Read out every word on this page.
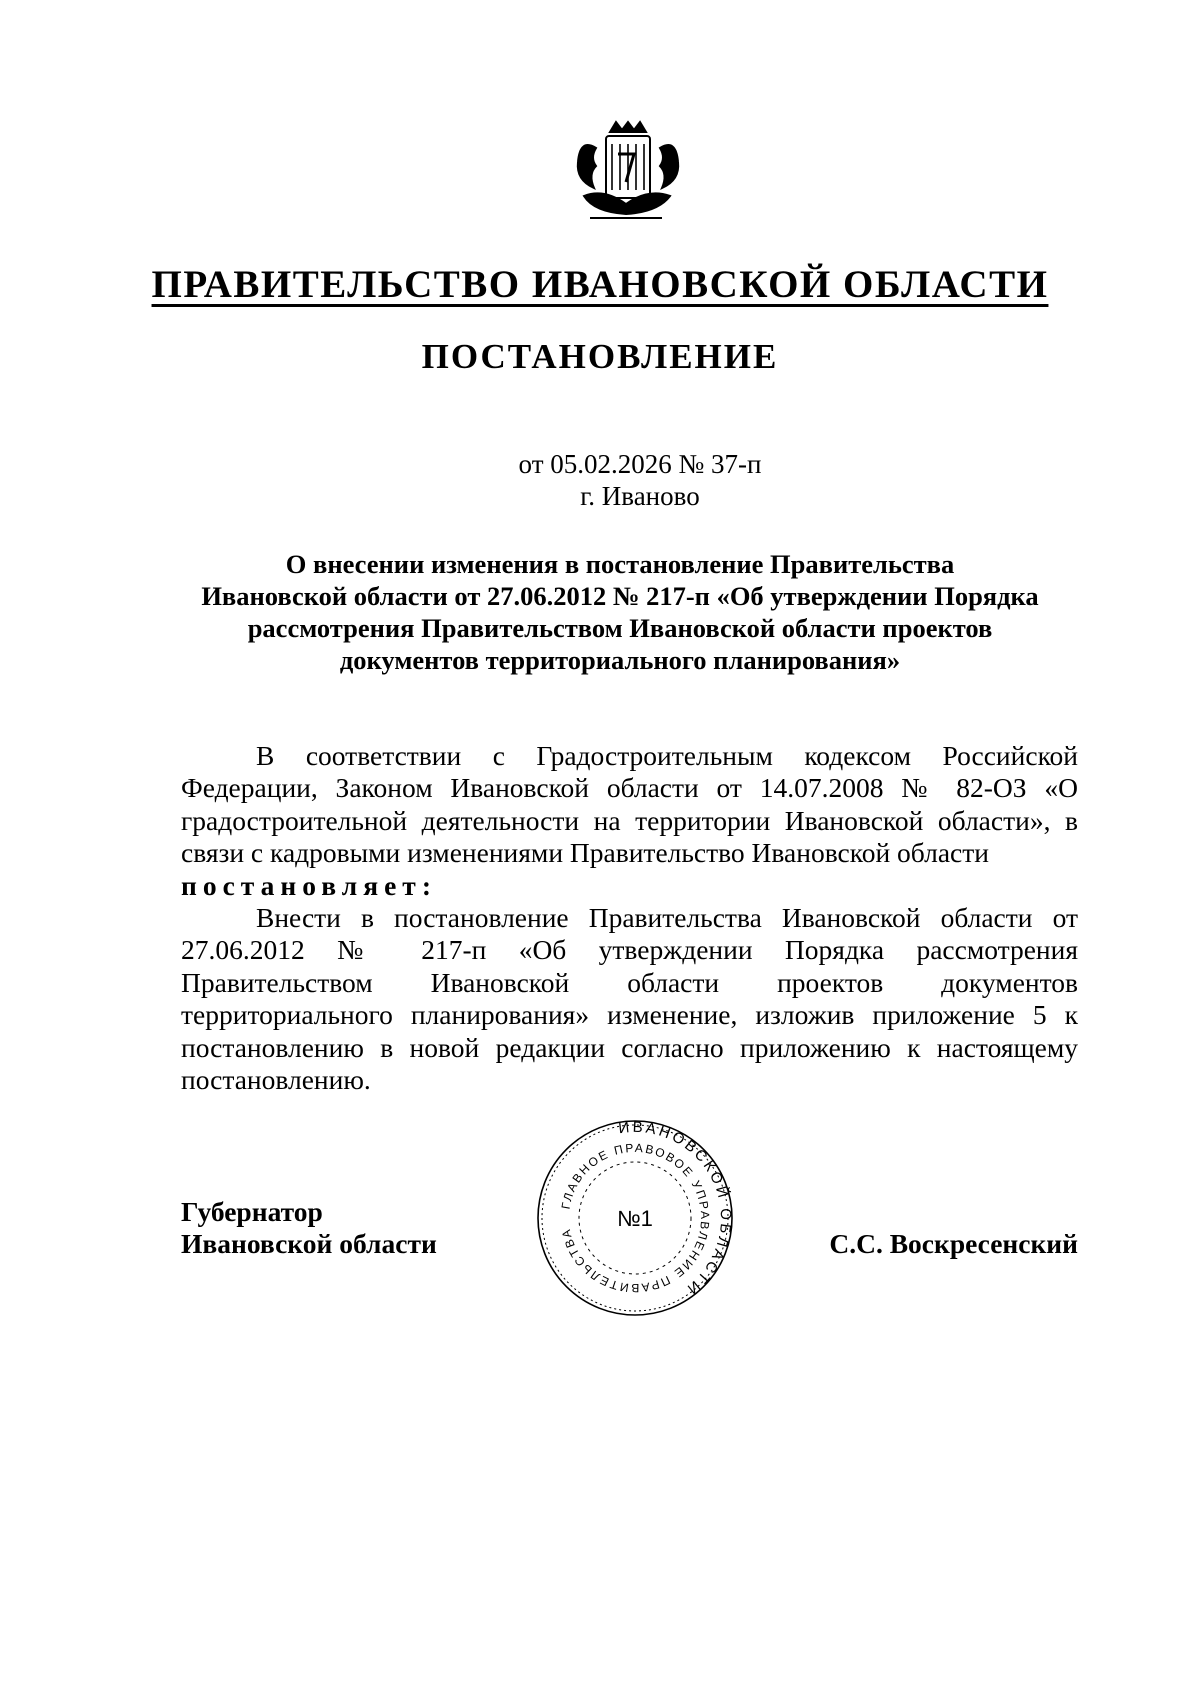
ПРАВИТЕЛЬСТВО ИВАНОВСКОЙ ОБЛАСТИ
ПОСТАНОВЛЕНИЕ

от 05.02.2026 № 37-п

г. Иваново

О внесении изменения в постановление Правительства
Ивановской области от 27.06.2012 № 217-п «Об утверждении Порядка
рассмотрения Правительством Ивановской области проектов
документов территориального планирования»

В соответствии с Градостроительным кодексом Российской Федерации, Законом Ивановской области от 14.07.2008 № 82-ОЗ «О градостроительной деятельности на территории Ивановской области», в связи с кадровыми изменениями Правительство Ивановской области
постановляет:

Внести в постановление Правительства Ивановской области от 27.06.2012 № 217-п «Об утверждении Порядка рассмотрения Правительством Ивановской области проектов документов территориального планирования» изменение, изложив приложение 5 к постановлению в новой редакции согласно приложению к настоящему постановлению.

Губернатор
Ивановской области	С.С. Воскресенский
ИВАНОВСКОЙ ОБЛАСТИ
ГЛАВНОЕ ПРАВОВОЕ УПРАВЛЕНИЕ ПРАВИТЕЛЬСТВА
№1
